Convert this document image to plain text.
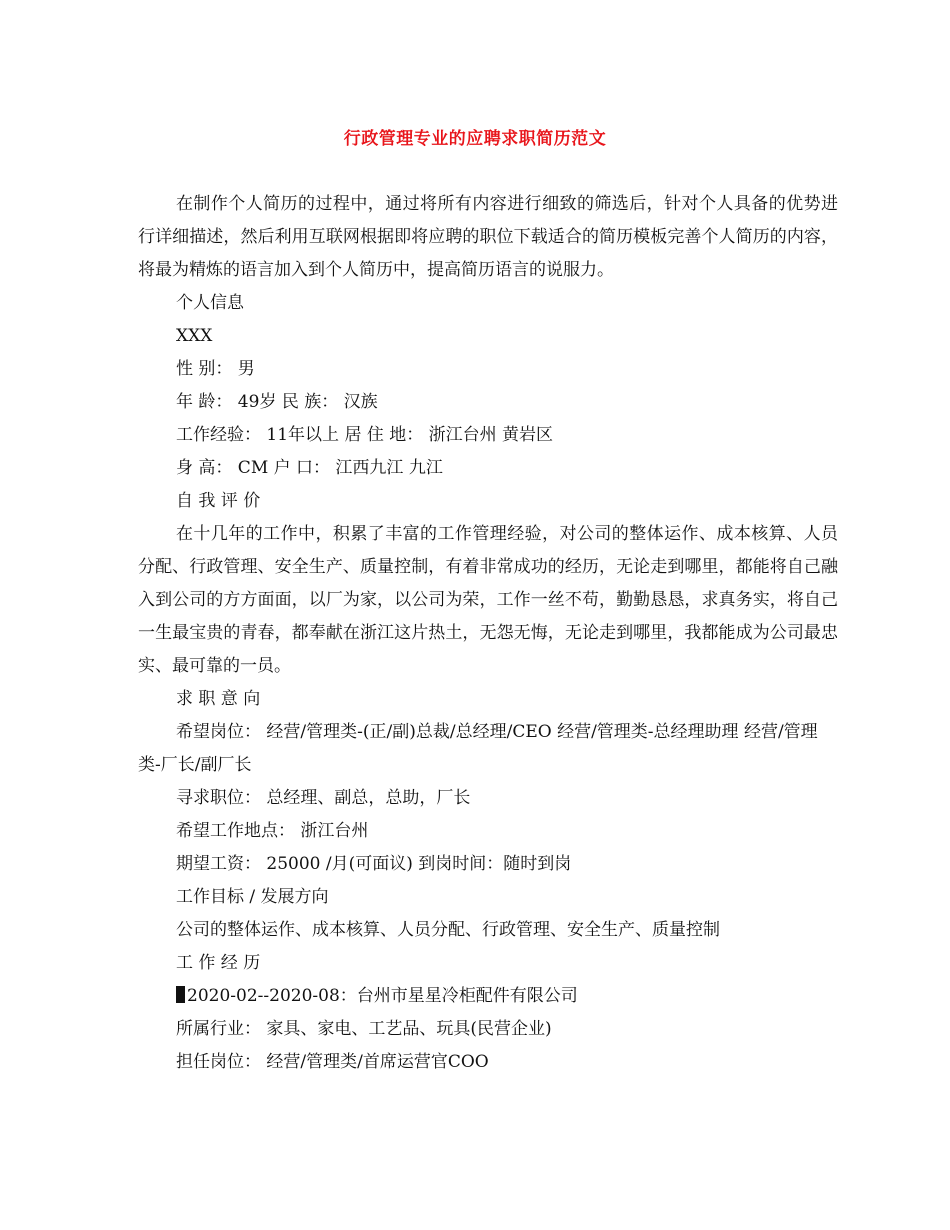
行政管理专业的应聘求职简历范文

在制作个人简历的过程中，通过将所有内容进行细致的筛选后，针对个人具备的优势进行详细描述，然后利用互联网根据即将应聘的职位下载适合的简历模板完善个人简历的内容，将最为精炼的语言加入到个人简历中，提高简历语言的说服力。

个人信息

XXX

性 别： 男

年 龄： 49岁 民 族： 汉族

工作经验： 11年以上 居 住 地： 浙江台州 黄岩区

身 高： CM 户 口： 江西九江 九江

自 我 评 价

在十几年的工作中，积累了丰富的工作管理经验，对公司的整体运作、成本核算、人员分配、行政管理、安全生产、质量控制，有着非常成功的经历，无论走到哪里，都能将自己融入到公司的方方面面，以厂为家，以公司为荣，工作一丝不苟，勤勤恳恳，求真务实，将自己一生最宝贵的青春，都奉献在浙江这片热土，无怨无悔，无论走到哪里，我都能成为公司最忠实、最可靠的一员。

求 职 意 向

希望岗位： 经营/管理类-(正/副)总裁/总经理/CEO 经营/管理类-总经理助理 经营/管理类-厂长/副厂长

寻求职位： 总经理、副总，总助，厂长

希望工作地点： 浙江台州

期望工资： 25000 /月(可面议) 到岗时间：随时到岗

工作目标 / 发展方向

公司的整体运作、成本核算、人员分配、行政管理、安全生产、质量控制

工 作 经 历

2020-02--2020-08：台州市星星冷柜配件有限公司

所属行业： 家具、家电、工艺品、玩具(民营企业)

担任岗位： 经营/管理类/首席运营官COO
